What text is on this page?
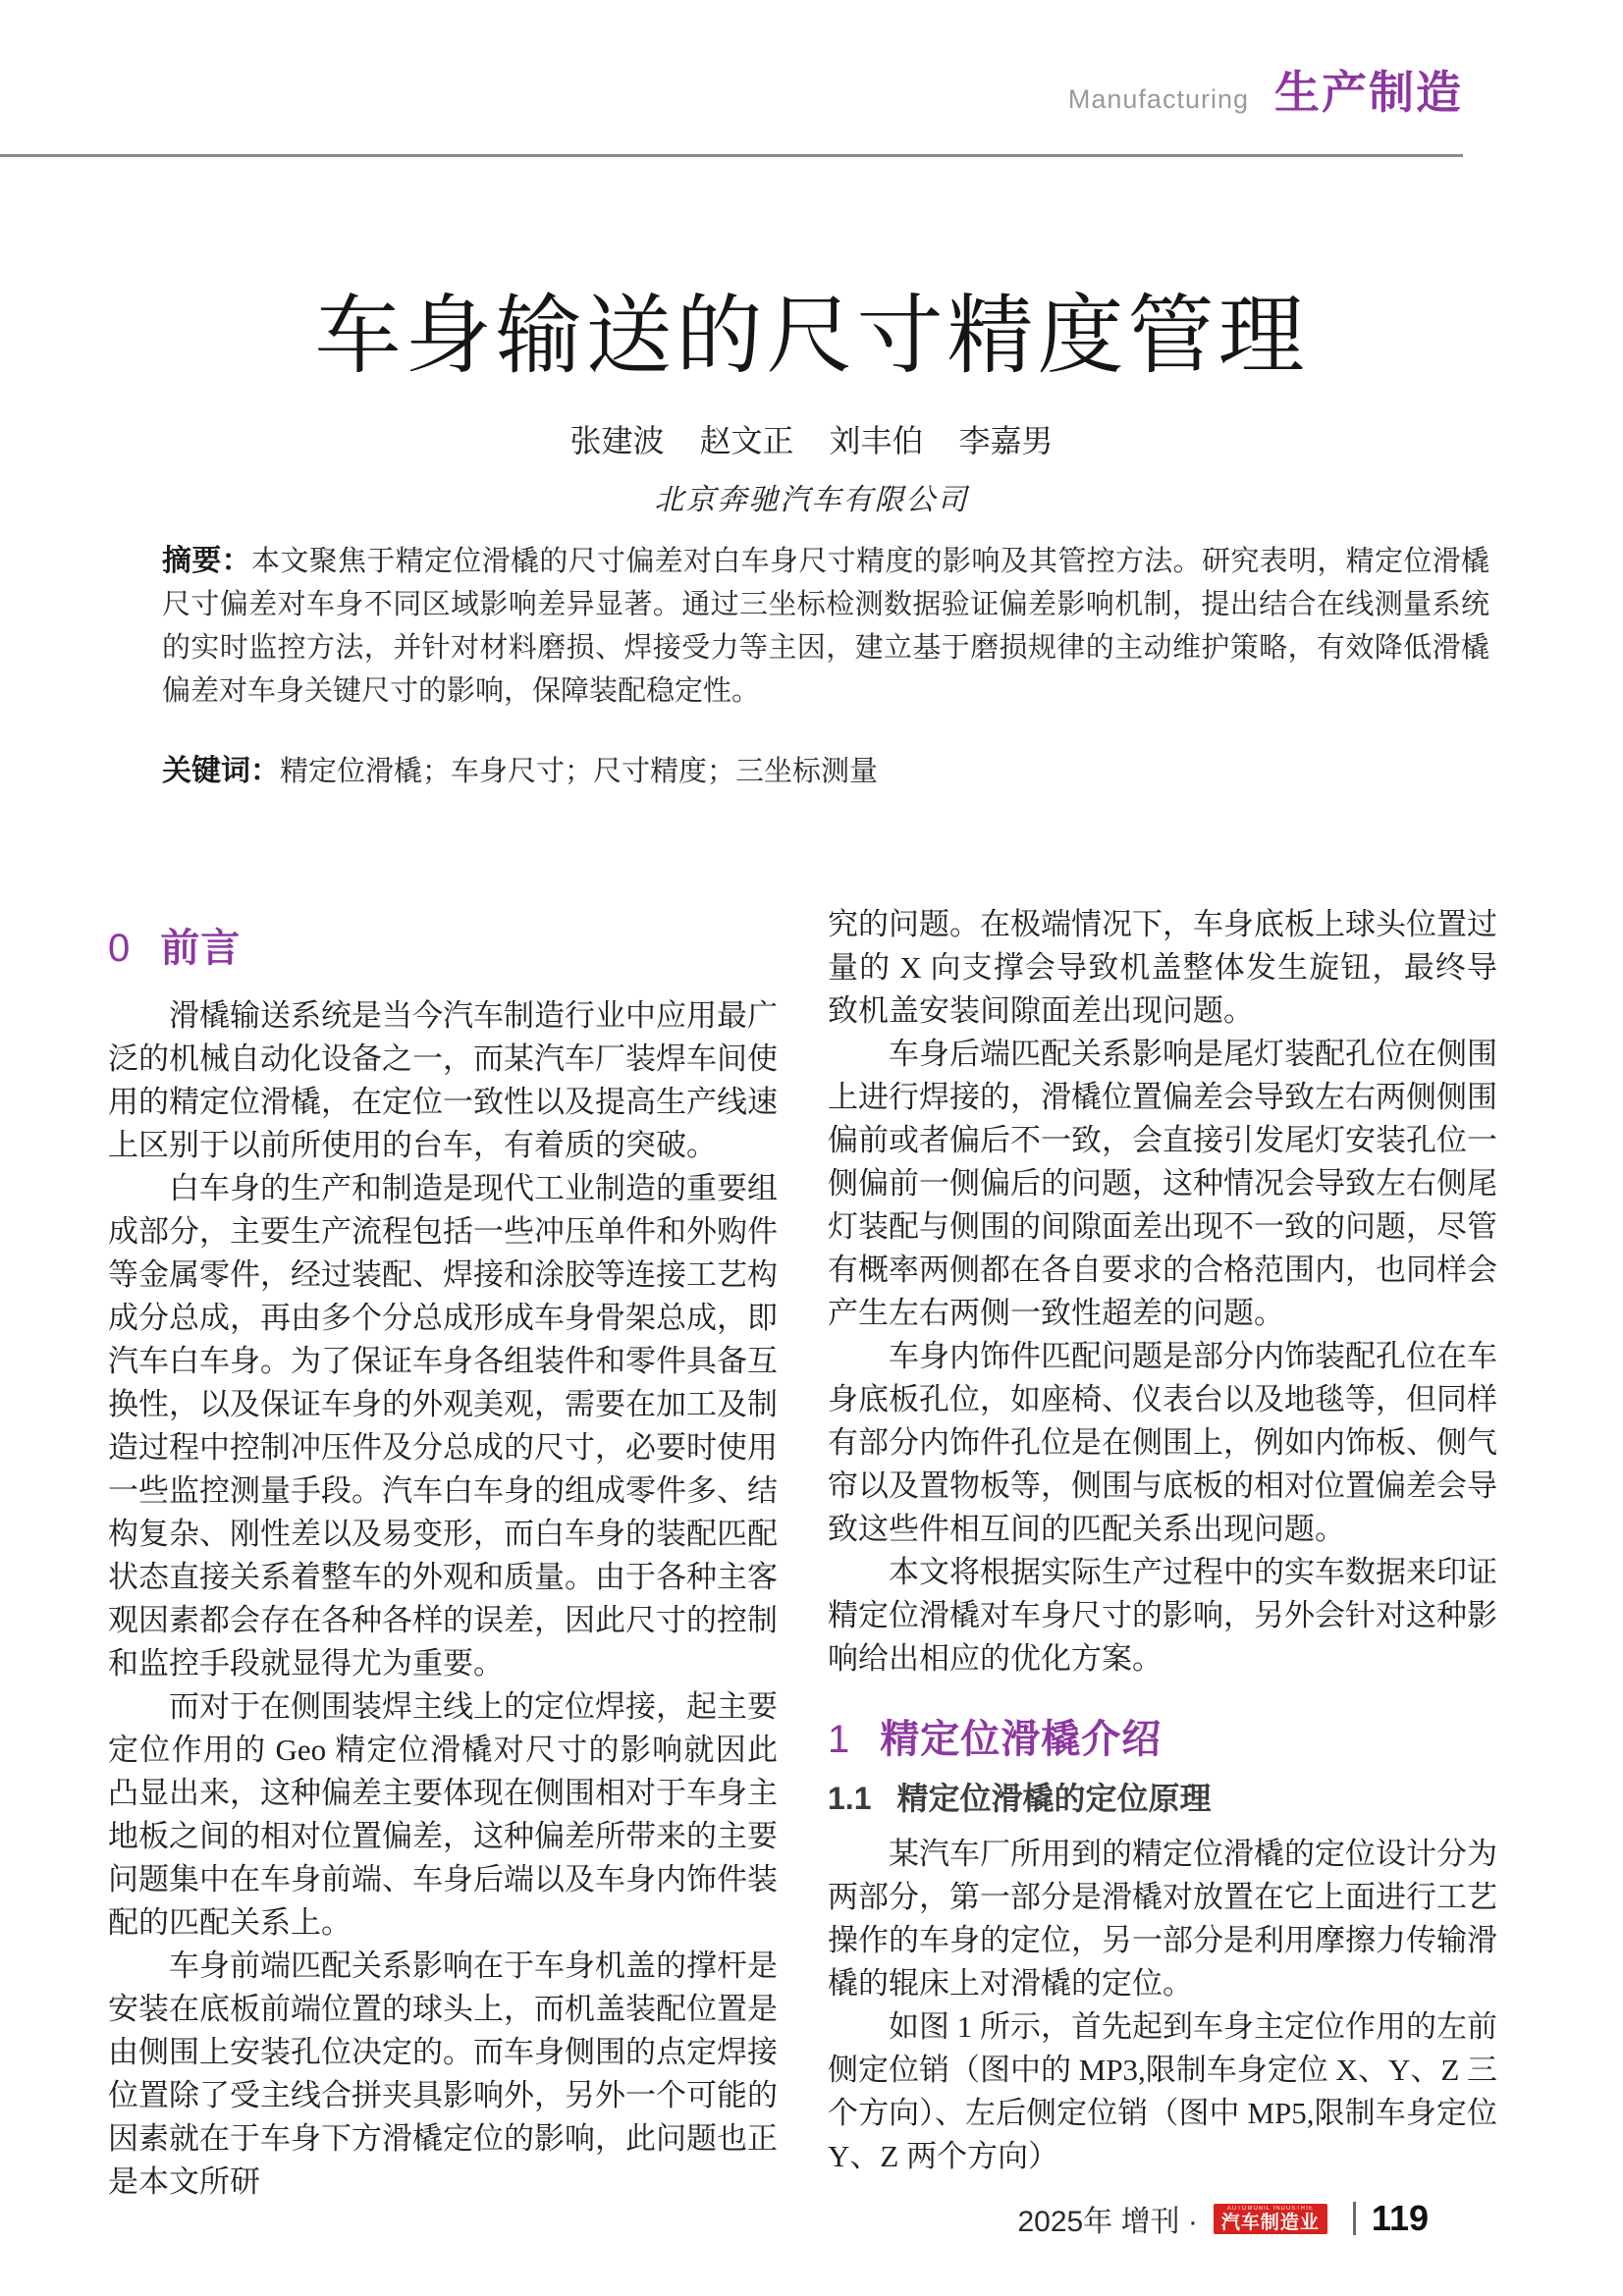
Manufacturing 生产制造
车身输送的尺寸精度管理
张建波 赵文正 刘丰伯 李嘉男
北京奔驰汽车有限公司
摘要：本文聚焦于精定位滑橇的尺寸偏差对白车身尺寸精度的影响及其管控方法。研究表明，精定位滑橇尺寸偏差对车身不同区域影响差异显著。通过三坐标检测数据验证偏差影响机制，提出结合在线测量系统的实时监控方法，并针对材料磨损、焊接受力等主因，建立基于磨损规律的主动维护策略，有效降低滑橇偏差对车身关键尺寸的影响，保障装配稳定性。
关键词：精定位滑橇；车身尺寸；尺寸精度；三坐标测量
0 前言

滑橇输送系统是当今汽车制造行业中应用最广泛的机械自动化设备之一，而某汽车厂装焊车间使用的精定位滑橇，在定位一致性以及提高生产线速上区别于以前所使用的台车，有着质的突破。

白车身的生产和制造是现代工业制造的重要组成部分，主要生产流程包括一些冲压单件和外购件等金属零件，经过装配、焊接和涂胶等连接工艺构成分总成，再由多个分总成形成车身骨架总成，即汽车白车身。为了保证车身各组装件和零件具备互换性，以及保证车身的外观美观，需要在加工及制造过程中控制冲压件及分总成的尺寸，必要时使用一些监控测量手段。汽车白车身的组成零件多、结构复杂、刚性差以及易变形，而白车身的装配匹配状态直接关系着整车的外观和质量。由于各种主客观因素都会存在各种各样的误差，因此尺寸的控制和监控手段就显得尤为重要。

而对于在侧围装焊主线上的定位焊接，起主要定位作用的 Geo 精定位滑橇对尺寸的影响就因此凸显出来，这种偏差主要体现在侧围相对于车身主地板之间的相对位置偏差，这种偏差所带来的主要问题集中在车身前端、车身后端以及车身内饰件装配的匹配关系上。

车身前端匹配关系影响在于车身机盖的撑杆是安装在底板前端位置的球头上，而机盖装配位置是由侧围上安装孔位决定的。而车身侧围的点定焊接位置除了受主线合拼夹具影响外，另外一个可能的因素就在于车身下方滑橇定位的影响，此问题也正是本文所研

究的问题。在极端情况下，车身底板上球头位置过量的 X 向支撑会导致机盖整体发生旋钮，最终导致机盖安装间隙面差出现问题。

车身后端匹配关系影响是尾灯装配孔位在侧围上进行焊接的，滑橇位置偏差会导致左右两侧侧围偏前或者偏后不一致，会直接引发尾灯安装孔位一侧偏前一侧偏后的问题，这种情况会导致左右侧尾灯装配与侧围的间隙面差出现不一致的问题，尽管有概率两侧都在各自要求的合格范围内，也同样会产生左右两侧一致性超差的问题。

车身内饰件匹配问题是部分内饰装配孔位在车身底板孔位，如座椅、仪表台以及地毯等，但同样有部分内饰件孔位是在侧围上，例如内饰板、侧气帘以及置物板等，侧围与底板的相对位置偏差会导致这些件相互间的匹配关系出现问题。

本文将根据实际生产过程中的实车数据来印证精定位滑橇对车身尺寸的影响，另外会针对这种影响给出相应的优化方案。

1 精定位滑橇介绍
1.1 精定位滑橇的定位原理

某汽车厂所用到的精定位滑橇的定位设计分为两部分，第一部分是滑橇对放置在它上面进行工艺操作的车身的定位，另一部分是利用摩擦力传输滑橇的辊床上对滑橇的定位。

如图 1 所示，首先起到车身主定位作用的左前侧定位销（图中的 MP3,限制车身定位 X、Y、Z 三个方向）、左后侧定位销（图中 MP5,限制车身定位 Y、Z 两个方向）

2025年 增刊 ·	AUTOMOBIL INDUSTRIE
汽车制造业 119
